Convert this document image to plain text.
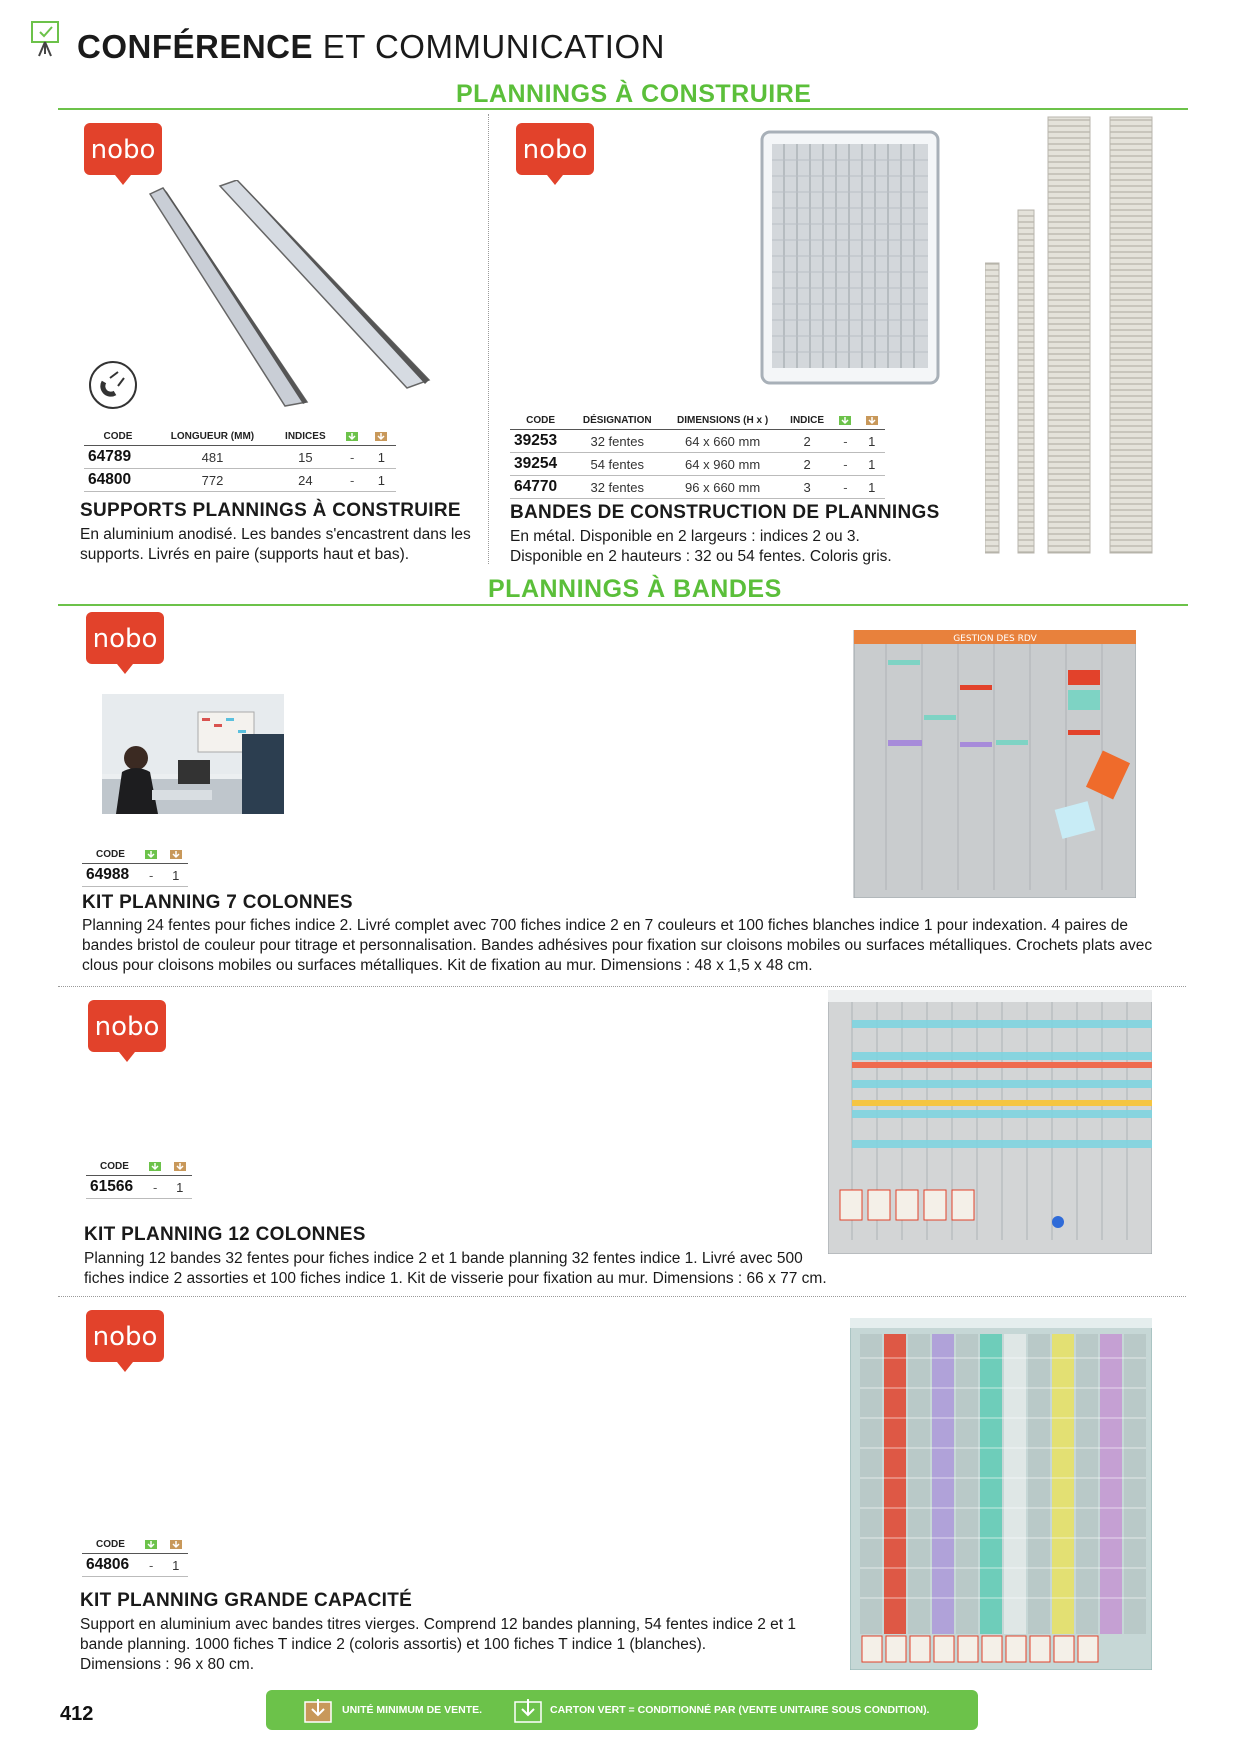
CONFÉRENCE ET COMMUNICATION
PLANNINGS À CONSTRUIRE
nobo
CODE	LONGUEUR (MM)	INDICES		
64789	481	15	-	1
64800	772	24	-	1
SUPPORTS PLANNINGS À CONSTRUIRE
En aluminium anodisé. Les bandes s'encastrent dans les supports. Livrés en paire (supports haut et bas).
nobo
CODE	DÉSIGNATION	DIMENSIONS (H x )	INDICE		
39253	32 fentes	64 x 660 mm	2	-	1
39254	54 fentes	64 x 960 mm	2	-	1
64770	32 fentes	96 x 660 mm	3	-	1
BANDES DE CONSTRUCTION DE PLANNINGS
En métal. Disponible en 2 largeurs : indices 2 ou 3.
Disponible en 2 hauteurs : 32 ou 54 fentes. Coloris gris.
PLANNINGS À BANDES
nobo	GESTION DES RDV
CODE		
64988	-	1
KIT PLANNING 7 COLONNES
Planning 24 fentes pour fiches indice 2. Livré complet avec 700 fiches indice 2 en 7 couleurs et 100 fiches blanches indice 1 pour indexation. 4 paires de bandes bristol de couleur pour titrage et personnalisation. Bandes adhésives pour fixation sur cloisons mobiles ou surfaces métalliques. Crochets plats avec clous pour cloisons mobiles ou surfaces métalliques. Kit de fixation au mur. Dimensions : 48 x 1,5 x 48 cm.
nobo
CODE		
61566	-	1
KIT PLANNING 12 COLONNES
Planning 12 bandes 32 fentes pour fiches indice 2 et 1 bande planning 32 fentes indice 1. Livré avec 500
fiches indice 2 assorties et 100 fiches indice 1. Kit de visserie pour fixation au mur. Dimensions : 66 x 77 cm.
nobo
CODE		
64806	-	1
KIT PLANNING GRANDE CAPACITÉ
Support en aluminium avec bandes titres vierges. Comprend 12 bandes planning, 54 fentes indice 2 et 1
bande planning. 1000 fiches T indice 2 (coloris assortis) et 100 fiches T indice 1 (blanches).
Dimensions : 96 x 80 cm.
412	UNITÉ MINIMUM DE VENTE.	CARTON VERT = CONDITIONNÉ PAR (VENTE UNITAIRE SOUS CONDITION).
